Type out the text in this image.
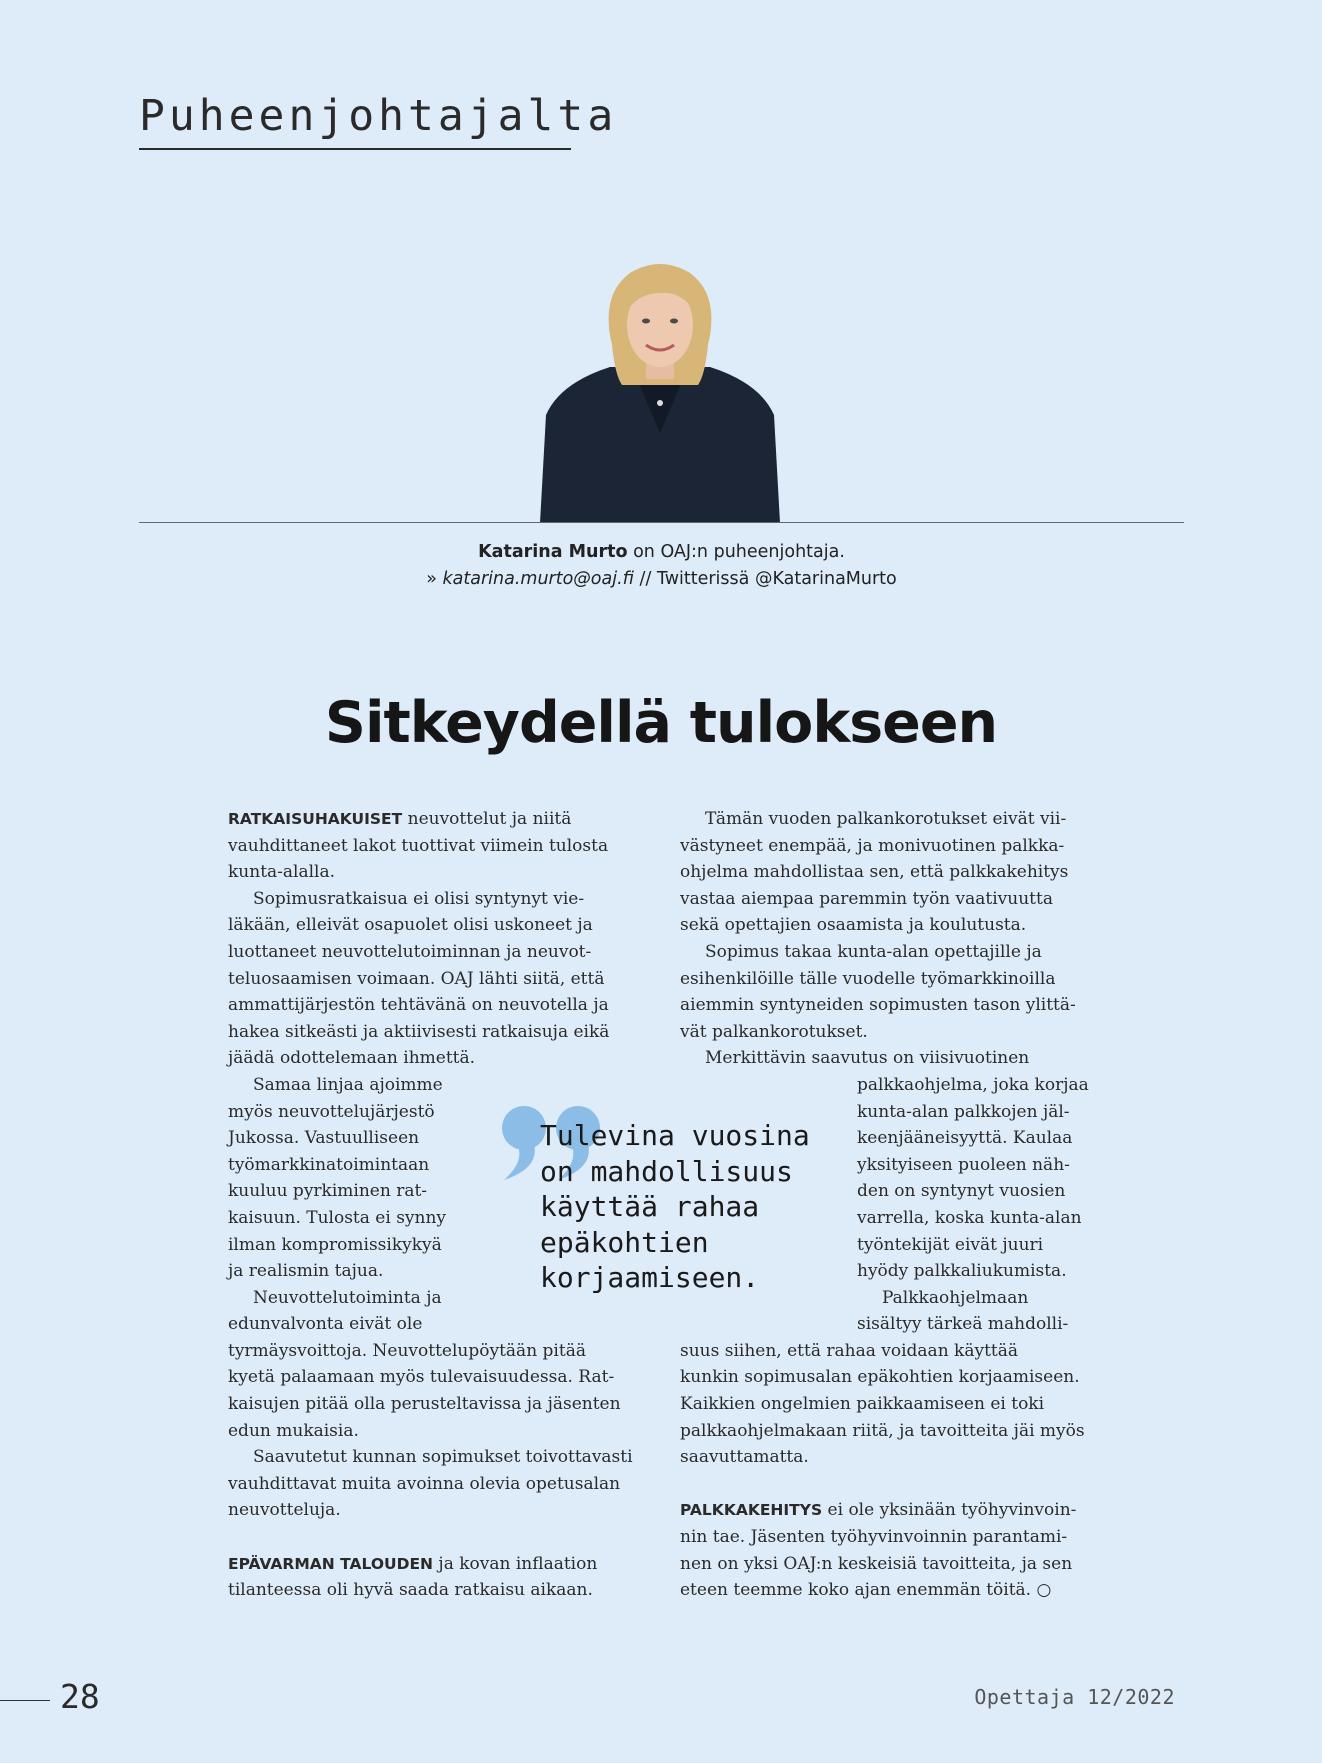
Puheenjohtajalta
Katarina Murto on OAJ:n puheenjohtaja.
» katarina.murto@oaj.fi // Twitterissä @KatarinaMurto
Sitkeydellä tulokseen
RATKAISUHAKUISET neuvottelut ja niitä
vauhdittaneet lakot tuottivat viimein tulosta
kunta-alalla.
Sopimusratkaisua ei olisi syntynyt vie-
läkään, elleivät osapuolet olisi uskoneet ja
luottaneet neuvottelutoiminnan ja neuvot-
teluosaamisen voimaan. OAJ lähti siitä, että
ammattijärjestön tehtävänä on neuvotella ja
hakea sitkeästi ja aktiivisesti ratkaisuja eikä
jäädä odottelemaan ihmettä.
Samaa linjaa ajoimme
myös neuvottelujärjestö
Jukossa. Vastuulliseen
työmarkkinatoimintaan
kuuluu pyrkiminen rat-
kaisuun. Tulosta ei synny
ilman kompromissikykyä
ja realismin tajua.
Neuvottelutoiminta ja
edunvalvonta eivät ole
tyrmäysvoittoja. Neuvottelupöytään pitää
kyetä palaamaan myös tulevaisuudessa. Rat-
kaisujen pitää olla perusteltavissa ja jäsenten
edun mukaisia.
Saavutetut kunnan sopimukset toivottavasti
vauhdittavat muita avoinna olevia opetusalan
neuvotteluja.
EPÄVARMAN TALOUDEN ja kovan inflaation
tilanteessa oli hyvä saada ratkaisu aikaan.
Tämän vuoden palkankorotukset eivät vii-
västyneet enempää, ja monivuotinen palkka-
ohjelma mahdollistaa sen, että palkkakehitys
vastaa aiempaa paremmin työn vaativuutta
sekä opettajien osaamista ja koulutusta.
Sopimus takaa kunta-alan opettajille ja
esihenkilöille tälle vuodelle työmarkkinoilla
aiemmin syntyneiden sopimusten tason ylittä-
vät palkankorotukset.
Merkittävin saavutus on viisivuotinen
palkkaohjelma, joka korjaa
kunta-alan palkkojen jäl-
keenjääneisyyttä. Kaulaa
yksityiseen puoleen näh-
den on syntynyt vuosien
varrella, koska kunta-alan
työntekijät eivät juuri
hyödy palkkaliukumista.
Palkkaohjelmaan
sisältyy tärkeä mahdolli-
suus siihen, että rahaa voidaan käyttää
kunkin sopimusalan epäkohtien korjaamiseen.
Kaikkien ongelmien paikkaamiseen ei toki
palkkaohjelmakaan riitä, ja tavoitteita jäi myös
saavuttamatta.
PALKKAKEHITYS ei ole yksinään työhyvinvoin-
nin tae. Jäsenten työhyvinvoinnin parantami-
nen on yksi OAJ:n keskeisiä tavoitteita, ja sen
eteen teemme koko ajan enemmän töitä. ○
Tulevina vuosina
on mahdollisuus
käyttää rahaa
epäkohtien
korjaamiseen.
28	Opettaja 12/2022
